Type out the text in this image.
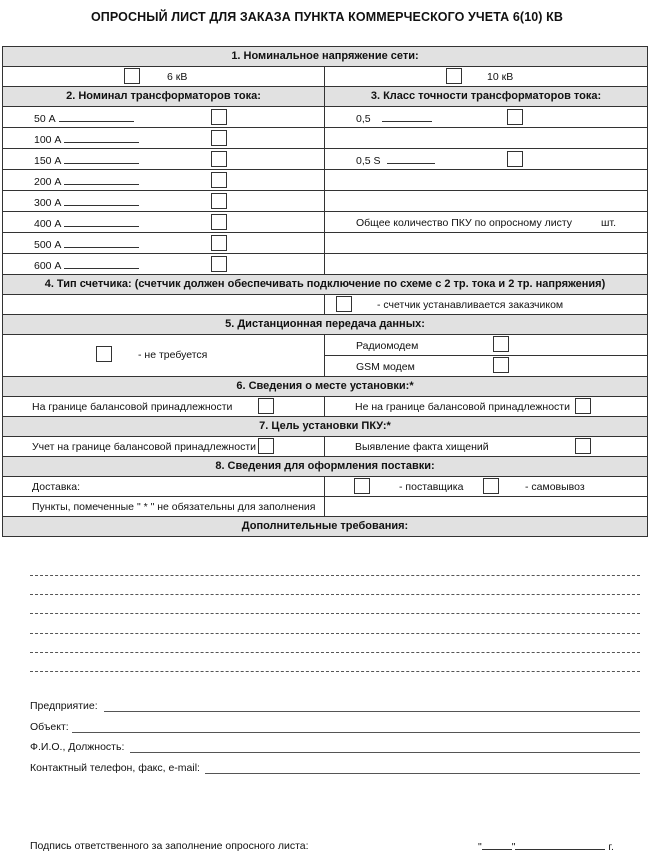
ОПРОСНЫЙ ЛИСТ ДЛЯ ЗАКАЗА ПУНКТА КОММЕРЧЕСКОГО УЧЕТА 6(10) КВ
1. Номинальное напряжение сети:
6 кВ	10 кВ
2. Номинал трансформаторов тока:	3. Класс точности трансформаторов тока:
50 А	0,5
100 А
150 А	0,5 S
200 А
300 А
400 А	Общее количество ПКУ по опросному листу	шт.
500 А
600 А
4. Тип счетчика: (счетчик должен обеспечивать подключение по схеме с 2 тр. тока и 2 тр. напряжения)
- счетчик устанавливается заказчиком
5. Дистанционная передача данных:
- не требуется
Радиомодем
GSM модем
6. Сведения о месте установки:*
На границе балансовой принадлежности	Не на границе балансовой принадлежности
7. Цель установки ПКУ:*
Учет на границе балансовой принадлежности	Выявление факта хищений
8. Сведения для оформления поставки:
Доставка:	- поставщика	- самовывоз
Пункты, помеченные " * " не обязательны для заполнения
Дополнительные требования:
Предприятие:
Объект:
Ф.И.О., Должность:
Контактный телефон, факс, e-mail:
Подпись ответственного за заполнение опросного листа:	"	"	г.
